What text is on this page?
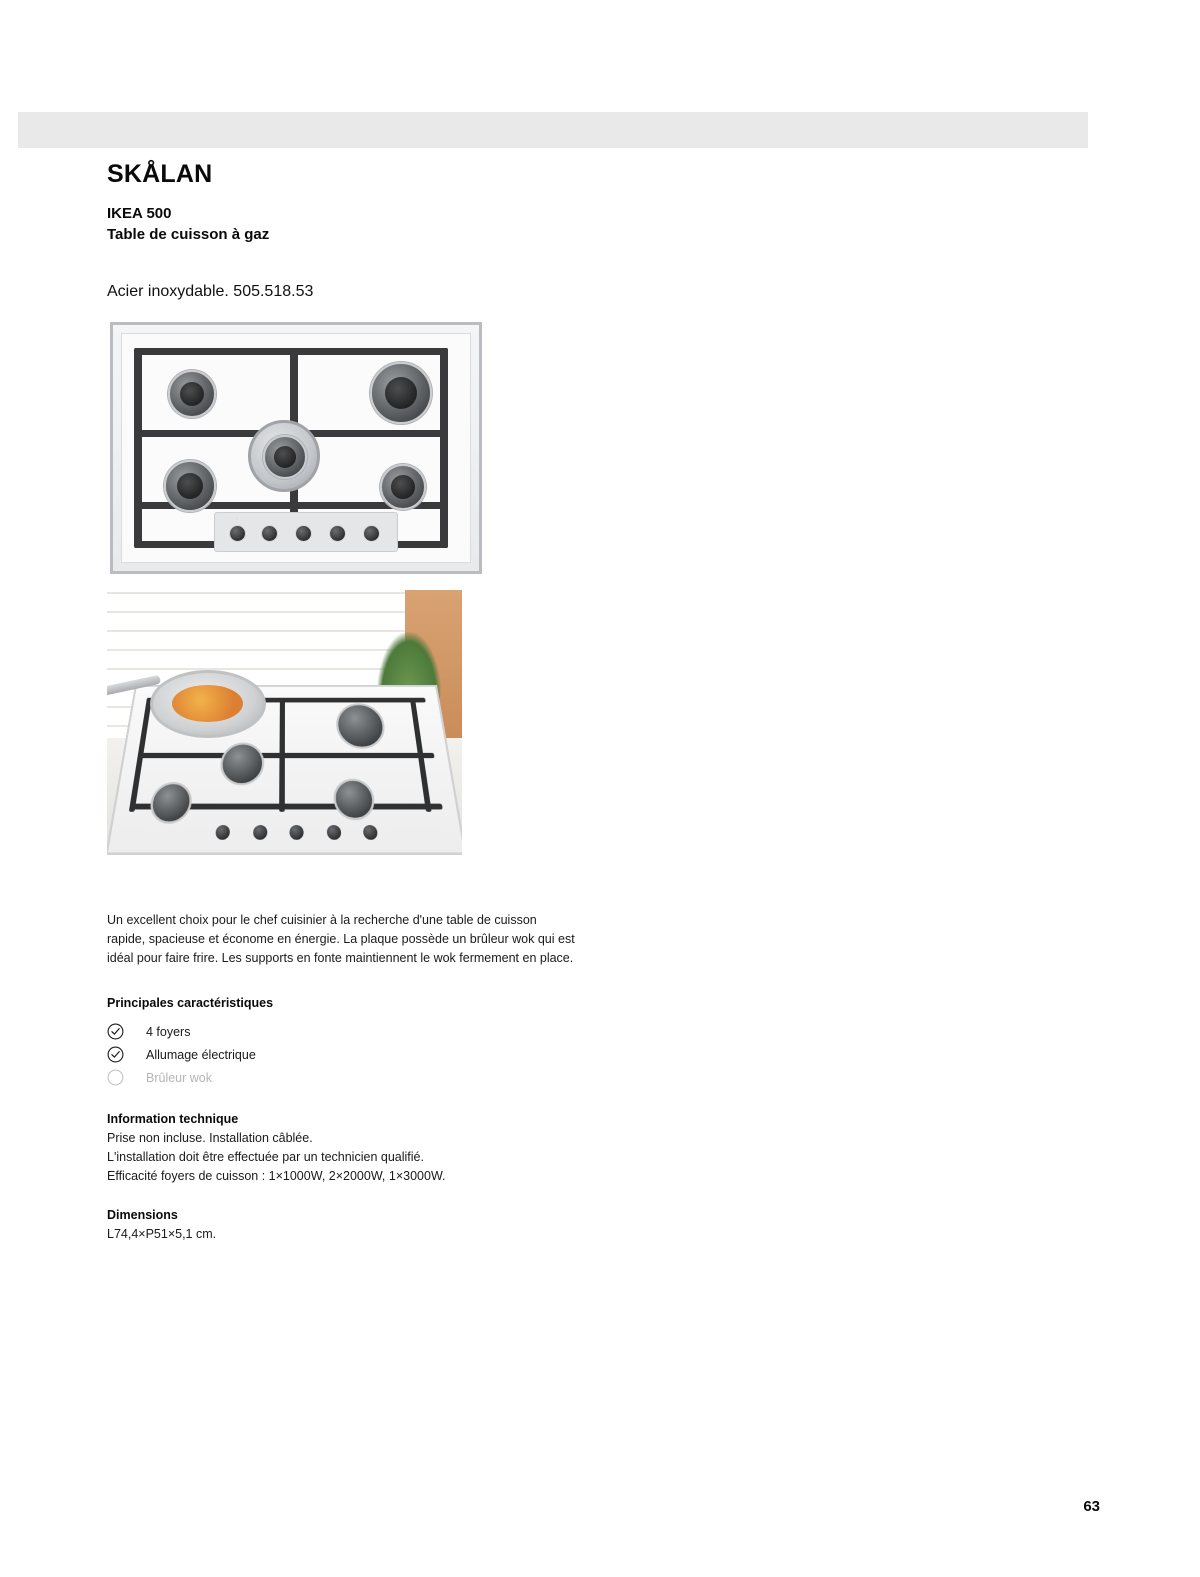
SKÅLAN

IKEA 500

Table de cuisson à gaz

Acier inoxydable. 505.518.53

·

Un excellent choix pour le chef cuisinier à la recherche d'une table de cuisson rapide, spacieuse et économe en énergie. La plaque possède un brûleur wok qui est idéal pour faire frire. Les supports en fonte maintiennent le wok fermement en place.

Principales caractéristiques

4 foyers
Allumage électrique
Brûleur wok

Information technique

Prise non incluse. Installation câblée.

L'installation doit être effectuée par un technicien qualifié.

Efficacité foyers de cuisson : 1×1000W, 2×2000W, 1×3000W.

Dimensions

L74,4×P51×5,1 cm.

63
